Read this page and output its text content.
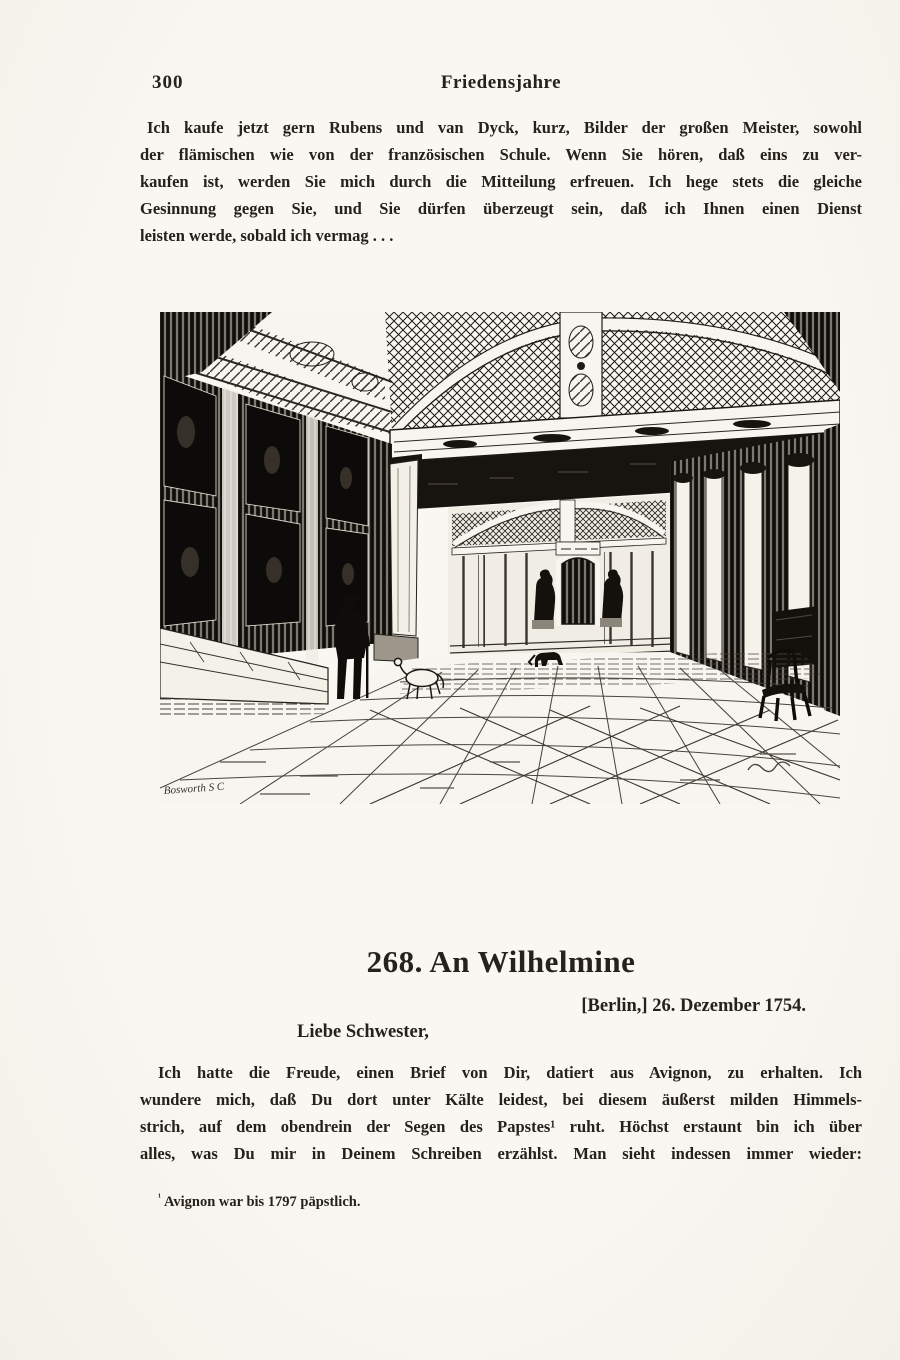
300	Friedensjahre
Ich kaufe jetzt gern Rubens und van Dyck, kurz, Bilder der großen Meister, sowohl
der flämischen wie von der französischen Schule. Wenn Sie hören, daß eins zu ver-
kaufen ist, werden Sie mich durch die Mitteilung erfreuen. Ich hege stets die gleiche
Gesinnung gegen Sie, und Sie dürfen überzeugt sein, daß ich Ihnen einen Dienst
leisten werde, sobald ich vermag . . .
Bosworth S C
268. An Wilhelmine
[Berlin,] 26. Dezember 1754.
Liebe Schwester,
Ich hatte die Freude, einen Brief von Dir, datiert aus Avignon, zu erhalten. Ich
wundere mich, daß Du dort unter Kälte leidest, bei diesem äußerst milden Himmels-
strich, auf dem obendrein der Segen des Papstes¹ ruht. Höchst erstaunt bin ich über
alles, was Du mir in Deinem Schreiben erzählst. Man sieht indessen immer wieder:
$^{^1}$ Avignon war bis 1797 päpstlich.
